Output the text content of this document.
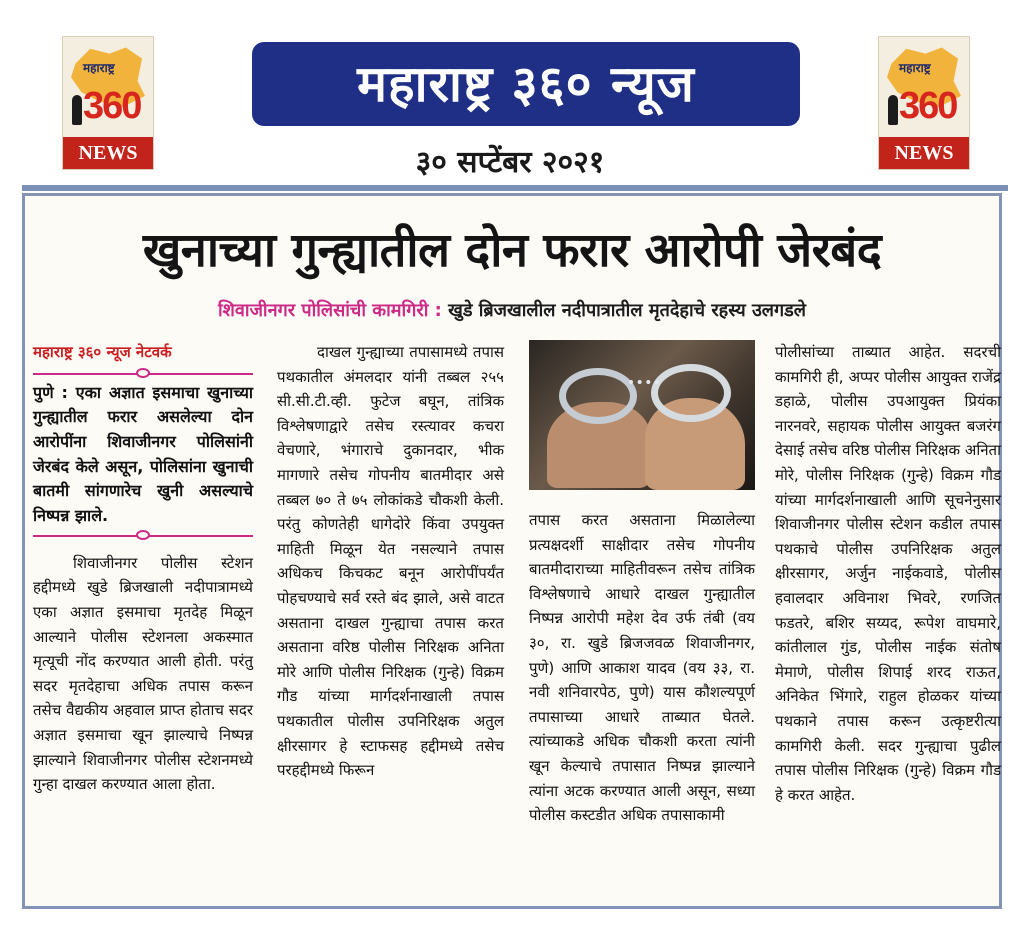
महाराष्ट्र
360
NEWS
महाराष्ट्र ३६० न्यूज
३० सप्टेंबर २०२१
महाराष्ट्र
360
NEWS
खुनाच्या गुन्ह्यातील दोन फरार आरोपी जेरबंद
शिवाजीनगर पोलिसांची कामगिरी : खुडे ब्रिजखालील नदीपात्रातील मृतदेहाचे रहस्य उलगडले
महाराष्ट्र ३६० न्यूज नेटवर्क
पुणे : एका अज्ञात इसमाचा खुनाच्या गुन्ह्यातील फरार असलेल्या दोन आरोपींना शिवाजीनगर पोलिसांनी जेरबंद केले असून, पोलिसांना खुनाची बातमी सांगणारेच खुनी असल्याचे निष्पन्न झाले.
शिवाजीनगर पोलीस स्टेशन हद्दीमध्ये खुडे ब्रिजखाली नदीपात्रामध्ये एका अज्ञात इसमाचा मृतदेह मिळून आल्याने पोलीस स्टेशनला अकस्मात मृत्यूची नोंद करण्यात आली होती. परंतु सदर मृतदेहाचा अधिक तपास करून तसेच वैद्यकीय अहवाल प्राप्त होताच सदर अज्ञात इसमाचा खून झाल्याचे निष्पन्न झाल्याने शिवाजीनगर पोलीस स्टेशनमध्ये गुन्हा दाखल करण्यात आला होता.
दाखल गुन्ह्याच्या तपासामध्ये तपास पथकातील अंमलदार यांनी तब्बल २५५ सी.सी.टी.व्ही. फुटेज बघून, तांत्रिक विश्लेषणाद्वारे तसेच रस्त्यावर कचरा वेचणारे, भंगाराचे दुकानदार, भीक मागणारे तसेच गोपनीय बातमीदार असे तब्बल ७० ते ७५ लोकांकडे चौकशी केली. परंतु कोणतेही धागेदोरे किंवा उपयुक्त माहिती मिळून येत नसल्याने तपास अधिकच किचकट बनून आरोपींपर्यंत पोहचण्याचे सर्व रस्ते बंद झाले, असे वाटत असताना दाखल गुन्ह्याचा तपास करत असताना वरिष्ठ पोलीस निरिक्षक अनिता मोरे आणि पोलीस निरिक्षक (गुन्हे) विक्रम गौड यांच्या मार्गदर्शनाखाली तपास पथकातील पोलीस उपनिरिक्षक अतुल क्षीरसागर हे स्टाफसह हद्दीमध्ये तसेच परहद्दीमध्ये फिरून
तपास करत असताना मिळालेल्या प्रत्यक्षदर्शी साक्षीदार तसेच गोपनीय बातमीदाराच्या माहितीवरून तसेच तांत्रिक विश्लेषणाचे आधारे दाखल गुन्ह्यातील निष्पन्न आरोपी महेश देव उर्फ तंबी (वय ३०, रा. खुडे ब्रिजजवळ शिवाजीनगर, पुणे) आणि आकाश यादव (वय ३३, रा. नवी शनिवारपेठ, पुणे) यास कौशल्यपूर्ण तपासाच्या आधारे ताब्यात घेतले. त्यांच्याकडे अधिक चौकशी करता त्यांनी खून केल्याचे तपासात निष्पन्न झाल्याने त्यांना अटक करण्यात आली असून, सध्या पोलीस कस्टडीत अधिक तपासाकामी
पोलीसांच्या ताब्यात आहेत. सदरची कामगिरी ही, अप्पर पोलीस आयुक्त राजेंद्र डहाळे, पोलीस उपआयुक्त प्रियंका नारनवरे, सहायक पोलीस आयुक्त बजरंग देसाई तसेच वरिष्ठ पोलीस निरिक्षक अनिता मोरे, पोलीस निरिक्षक (गुन्हे) विक्रम गौड यांच्या मार्गदर्शनाखाली आणि सूचनेनुसार शिवाजीनगर पोलीस स्टेशन कडील तपास पथकाचे पोलीस उपनिरिक्षक अतुल क्षीरसागर, अर्जुन नाईकवाडे, पोलीस हवालदार अविनाश भिवरे, रणजित फडतरे, बशिर सय्यद, रूपेश वाघमारे, कांतीलाल गुंड, पोलीस नाईक संतोष मेमाणे, पोलीस शिपाई शरद राऊत, अनिकेत भिंगारे, राहुल होळकर यांच्या पथकाने तपास करून उत्कृष्टरीत्या कामगिरी केली. सदर गुन्ह्याचा पुढील तपास पोलीस निरिक्षक (गुन्हे) विक्रम गौड हे करत आहेत.
